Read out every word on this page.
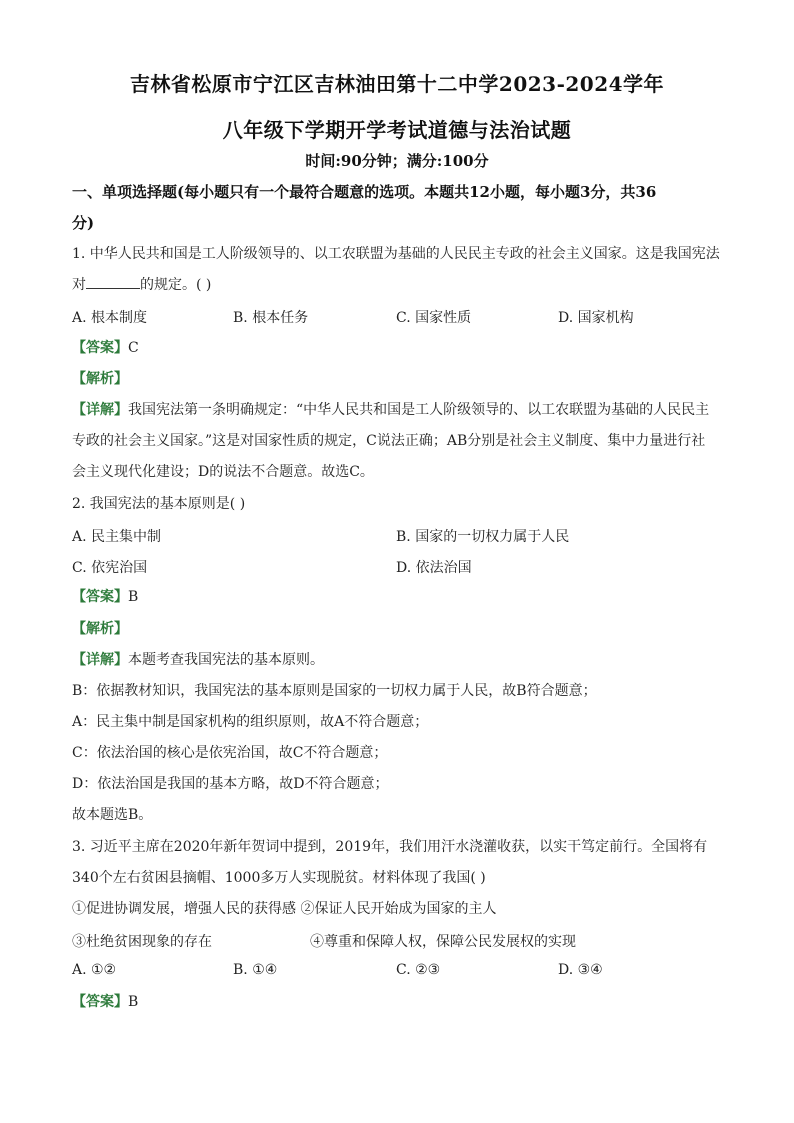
吉林省松原市宁江区吉林油田第十二中学2023-2024学年
八年级下学期开学考试道德与法治试题
时间:90分钟；满分:100分
一、单项选择题(每小题只有一个最符合题意的选项。本题共12小题，每小题3分，共36
分)
1. 中华人民共和国是工人阶级领导的、以工农联盟为基础的人民民主专政的社会主义国家。这是我国宪法
对	的规定。( )
A. 根本制度	B. 根本任务	C. 国家性质	D. 国家机构
【答案】C
【解析】
【详解】我国宪法第一条明确规定：“中华人民共和国是工人阶级领导的、以工农联盟为基础的人民民主
专政的社会主义国家。”这是对国家性质的规定，C说法正确；AB分别是社会主义制度、集中力量进行社
会主义现代化建设；D的说法不合题意。故选C。
2. 我国宪法的基本原则是( )
A. 民主集中制	B. 国家的一切权力属于人民
C. 依宪治国	D. 依法治国
【答案】B
【解析】
【详解】本题考查我国宪法的基本原则。
B：依据教材知识，我国宪法的基本原则是国家的一切权力属于人民，故B符合题意；
A：民主集中制是国家机构的组织原则，故A不符合题意；
C：依法治国的核心是依宪治国，故C不符合题意；
D：依法治国是我国的基本方略，故D不符合题意；
故本题选B。
3. 习近平主席在2020年新年贺词中提到，2019年，我们用汗水浇灌收获，以实干笃定前行。全国将有
340个左右贫困县摘帽、1000多万人实现脱贫。材料体现了我国( )
①促进协调发展，增强人民的获得感 ②保证人民开始成为国家的主人
③杜绝贫困现象的存在	④尊重和保障人权，保障公民发展权的实现
A. ①②	B. ①④	C. ②③	D. ③④
【答案】B
